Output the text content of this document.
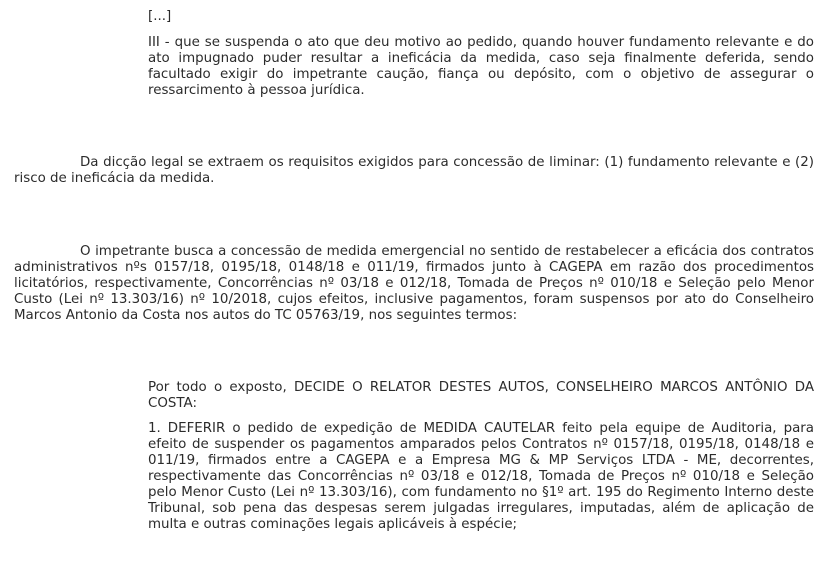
[...]

III - que se suspenda o ato que deu motivo ao pedido, quando houver fundamento relevante e do ato impugnado puder resultar a ineficácia da medida, caso seja finalmente deferida, sendo facultado exigir do impetrante caução, fiança ou depósito, com o objetivo de assegurar o ressarcimento à pessoa jurídica.

Da dicção legal se extraem os requisitos exigidos para concessão de liminar: (1) fundamento relevante e (2) risco de ineficácia da medida.

O impetrante busca a concessão de medida emergencial no sentido de restabelecer a eficácia dos contratos administrativos nºs 0157/18, 0195/18, 0148/18 e 011/19, firmados junto à CAGEPA em razão dos procedimentos licitatórios, respectivamente, Concorrências nº 03/18 e 012/18, Tomada de Preços nº 010/18 e Seleção pelo Menor Custo (Lei nº 13.303/16) nº 10/2018, cujos efeitos, inclusive pagamentos, foram suspensos por ato do Conselheiro Marcos Antonio da Costa nos autos do TC 05763/19, nos seguintes termos:

Por todo o exposto, DECIDE O RELATOR DESTES AUTOS, CONSELHEIRO MARCOS ANTÔNIO DA COSTA:

1. DEFERIR o pedido de expedição de MEDIDA CAUTELAR feito pela equipe de Auditoria, para efeito de suspender os pagamentos amparados pelos Contratos nº 0157/18, 0195/18, 0148/18 e 011/19, firmados entre a CAGEPA e a Empresa MG & MP Serviços LTDA - ME, decorrentes, respectivamente das Concorrências nº 03/18 e 012/18, Tomada de Preços nº 010/18 e Seleção pelo Menor Custo (Lei nº 13.303/16), com fundamento no §1º art. 195 do Regimento Interno deste Tribunal, sob pena das despesas serem julgadas irregulares, imputadas, além de aplicação de multa e outras cominações legais aplicáveis à espécie;
